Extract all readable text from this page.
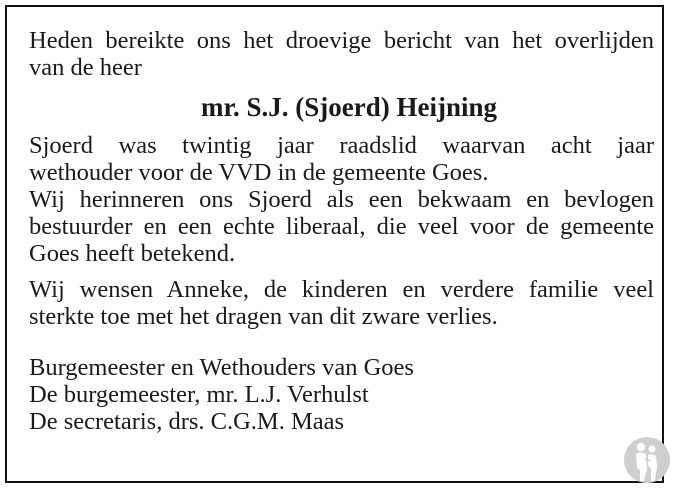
Heden bereikte ons het droevige bericht van het overlijden
van de heer

mr. S.J. (Sjoerd) Heijning

Sjoerd was twintig jaar raadslid waarvan acht jaar
wethouder voor de VVD in de gemeente Goes.

Wij herinneren ons Sjoerd als een bekwaam en bevlogen
bestuurder en een echte liberaal, die veel voor de gemeente
Goes heeft betekend.

Wij wensen Anneke, de kinderen en verdere familie veel
sterkte toe met het dragen van dit zware verlies.

Burgemeester en Wethouders van Goes
De burgemeester, mr. L.J. Verhulst
De secretaris, drs. C.G.M. Maas
